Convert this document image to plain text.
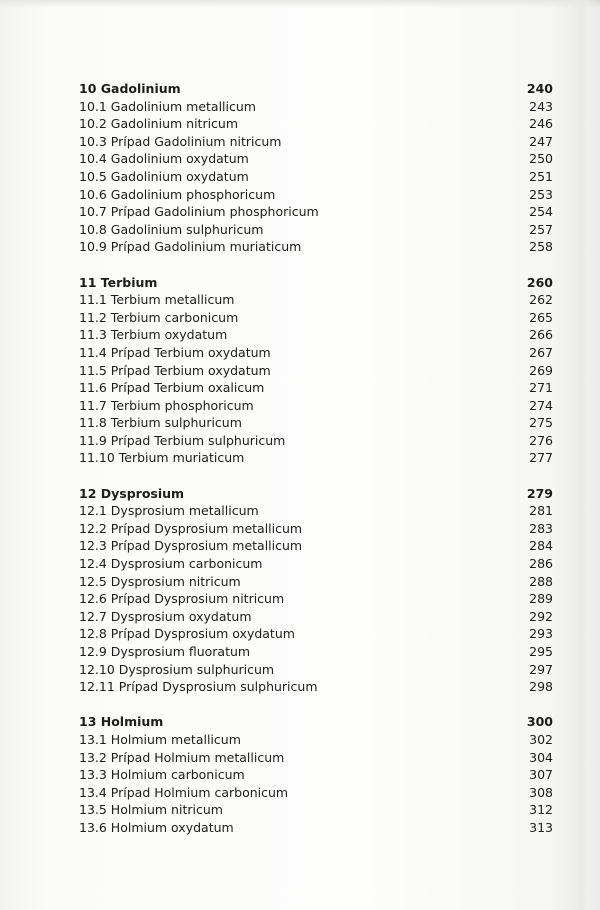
10 Gadolinium	240
10.1 Gadolinium metallicum	243
10.2 Gadolinium nitricum	246
10.3 Prípad Gadolinium nitricum	247
10.4 Gadolinium oxydatum	250
10.5 Gadolinium oxydatum	251
10.6 Gadolinium phosphoricum	253
10.7 Prípad Gadolinium phosphoricum	254
10.8 Gadolinium sulphuricum	257
10.9 Prípad Gadolinium muriaticum	258
11 Terbium	260
11.1 Terbium metallicum	262
11.2 Terbium carbonicum	265
11.3 Terbium oxydatum	266
11.4 Prípad Terbium oxydatum	267
11.5 Prípad Terbium oxydatum	269
11.6 Prípad Terbium oxalicum	271
11.7 Terbium phosphoricum	274
11.8 Terbium sulphuricum	275
11.9 Prípad Terbium sulphuricum	276
11.10 Terbium muriaticum	277
12 Dysprosium	279
12.1 Dysprosium metallicum	281
12.2 Prípad Dysprosium metallicum	283
12.3 Prípad Dysprosium metallicum	284
12.4 Dysprosium carbonicum	286
12.5 Dysprosium nitricum	288
12.6 Prípad Dysprosium nitricum	289
12.7 Dysprosium oxydatum	292
12.8 Prípad Dysprosium oxydatum	293
12.9 Dysprosium fluoratum	295
12.10 Dysprosium sulphuricum	297
12.11 Prípad Dysprosium sulphuricum	298
13 Holmium	300
13.1 Holmium metallicum	302
13.2 Prípad Holmium metallicum	304
13.3 Holmium carbonicum	307
13.4 Prípad Holmium carbonicum	308
13.5 Holmium nitricum	312
13.6 Holmium oxydatum	313
